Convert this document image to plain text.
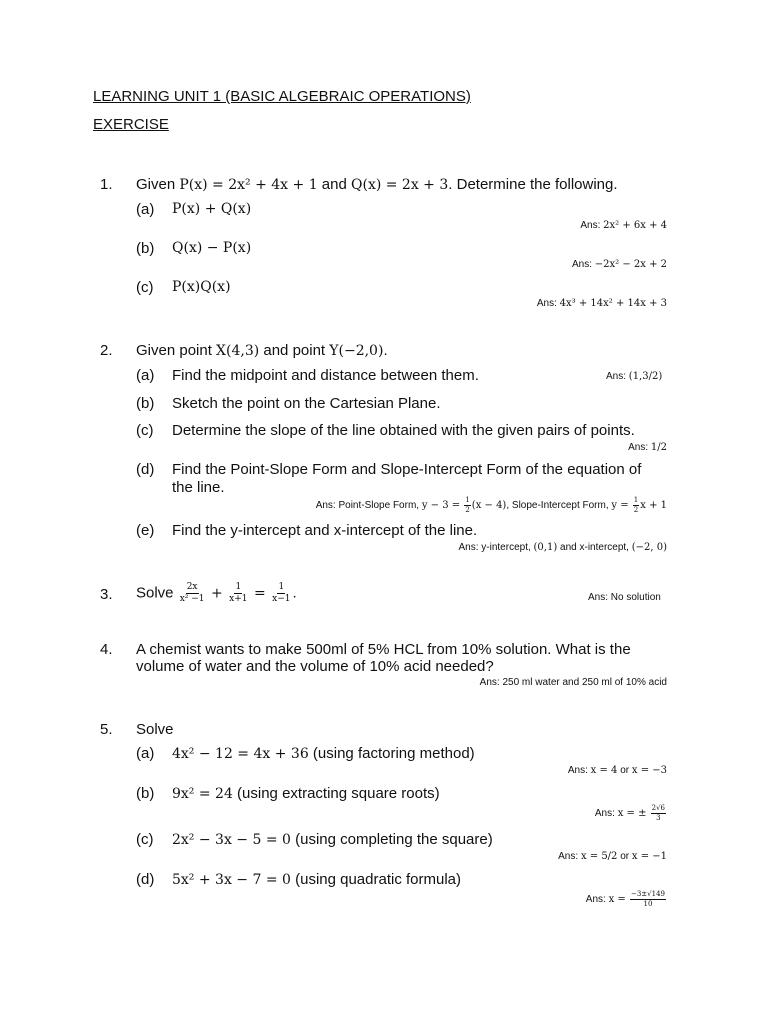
LEARNING UNIT 1 (BASIC ALGEBRAIC OPERATIONS)
EXERCISE
1. Given P(x) = 2x² + 4x + 1 and Q(x) = 2x + 3. Determine the following.
(a) P(x) + Q(x)
Ans: 2x² + 6x + 4
(b) Q(x) − P(x)
Ans: −2x² − 2x + 2
(c) P(x)Q(x)
Ans: 4x³ + 14x² + 14x + 3
2. Given point X(4,3) and point Y(−2,0).
(a) Find the midpoint and distance between them.	Ans: (1,3/2)
(b) Sketch the point on the Cartesian Plane.
(c) Determine the slope of the line obtained with the given pairs of points.
Ans: 1/2
(d) Find the Point-Slope Form and Slope-Intercept Form of the equation of
the line.
Ans: Point-Slope Form, $y - 3 = \frac{1}{2} (x - 4)$, Slope-Intercept Form, $y = \frac{1}{2}$ x + 1
(e) Find the y-intercept and x-intercept of the line.
Ans: y-intercept, (0,1) and x-intercept, (−2, 0)
3. Solve $\frac{2x}{\text{x² −1}} + \frac{1}{x+1} = \frac{1}{x-1}$ .	Ans: No solution
4. A chemist wants to make 500ml of 5% HCL from 10% solution. What is the
volume of water and the volume of 10% acid needed?
Ans: 250 ml water and 250 ml of 10% acid
5. Solve
(a) 4x² − 12 = 4x + 36 (using factoring method)
Ans: x = 4 or x = −3
(b) 9x² = 24 (using extracting square roots)
Ans: x = ± $\frac{2√6}{3}$
(c) 2x² − 3x − 5 = 0 (using completing the square)
Ans: x = 5/2 or x = −1
(d) 5x² + 3x − 7 = 0 (using quadratic formula)
Ans: $x = \frac{-3\pm√149}{10}$
